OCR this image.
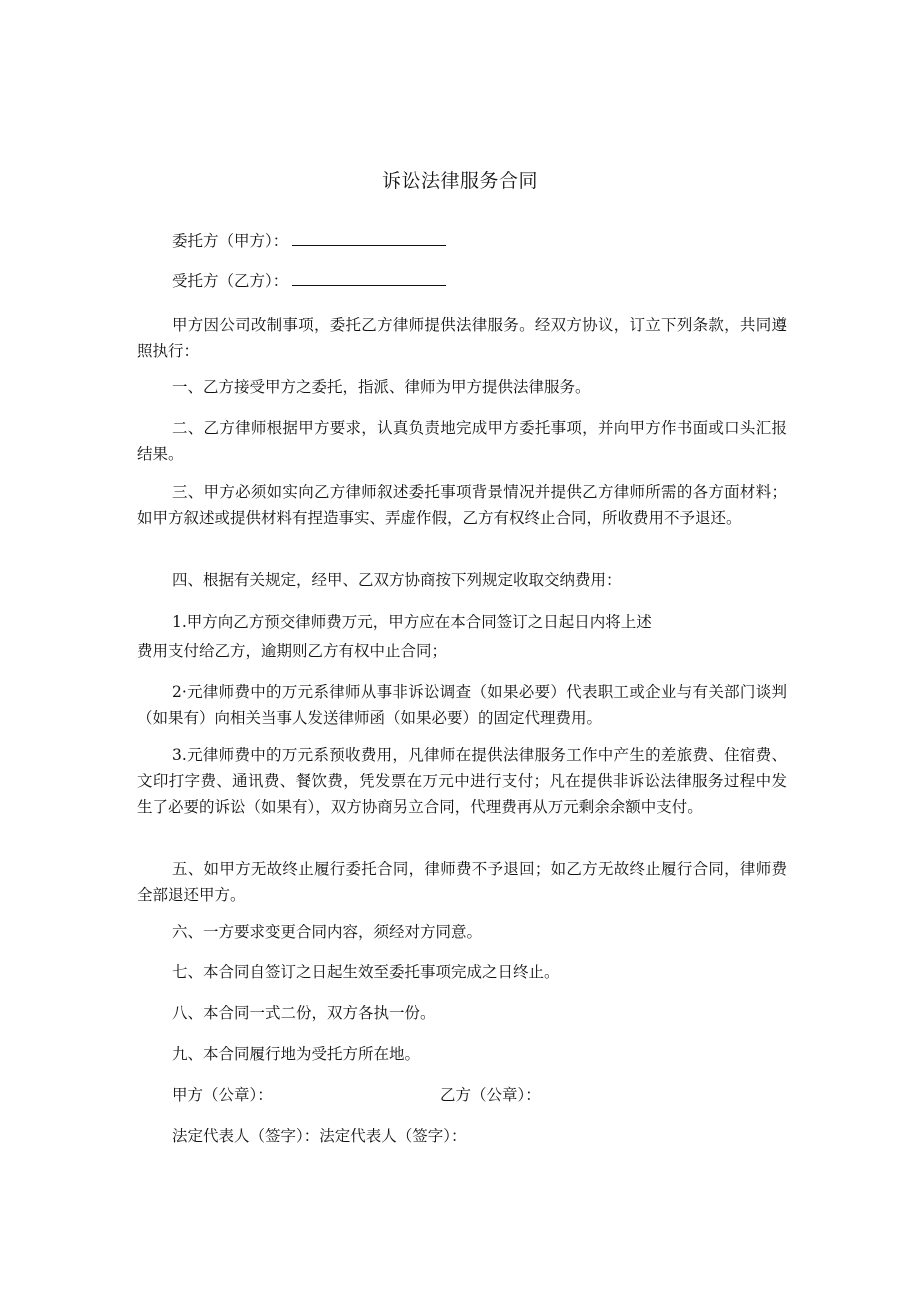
诉讼法律服务合同
委托方（甲方）：
受托方（乙方）：
甲方因公司改制事项，委托乙方律师提供法律服务。经双方协议，订立下列条款，共同遵照执行：
一、乙方接受甲方之委托，指派、律师为甲方提供法律服务。
二、乙方律师根据甲方要求，认真负责地完成甲方委托事项，并向甲方作书面或口头汇报结果。
三、甲方必须如实向乙方律师叙述委托事项背景情况并提供乙方律师所需的各方面材料；如甲方叙述或提供材料有捏造事实、弄虚作假，乙方有权终止合同，所收费用不予退还。
四、根据有关规定，经甲、乙双方协商按下列规定收取交纳费用：
1.甲方向乙方预交律师费万元，甲方应在本合同签订之日起日内将上述
费用支付给乙方，逾期则乙方有权中止合同；
2·元律师费中的万元系律师从事非诉讼调查（如果必要）代表职工或企业与有关部门谈判（如果有）向相关当事人发送律师函（如果必要）的固定代理费用。
3.元律师费中的万元系预收费用，凡律师在提供法律服务工作中产生的差旅费、住宿费、文印打字费、通讯费、餐饮费，凭发票在万元中进行支付；凡在提供非诉讼法律服务过程中发生了必要的诉讼（如果有），双方协商另立合同，代理费再从万元剩余余额中支付。
五、如甲方无故终止履行委托合同，律师费不予退回；如乙方无故终止履行合同，律师费全部退还甲方。
六、一方要求变更合同内容，须经对方同意。
七、本合同自签订之日起生效至委托事项完成之日终止。
八、本合同一式二份，双方各执一份。
九、本合同履行地为受托方所在地。
甲方（公章）：	乙方（公章）：
法定代表人（签字）：法定代表人（签字）：
